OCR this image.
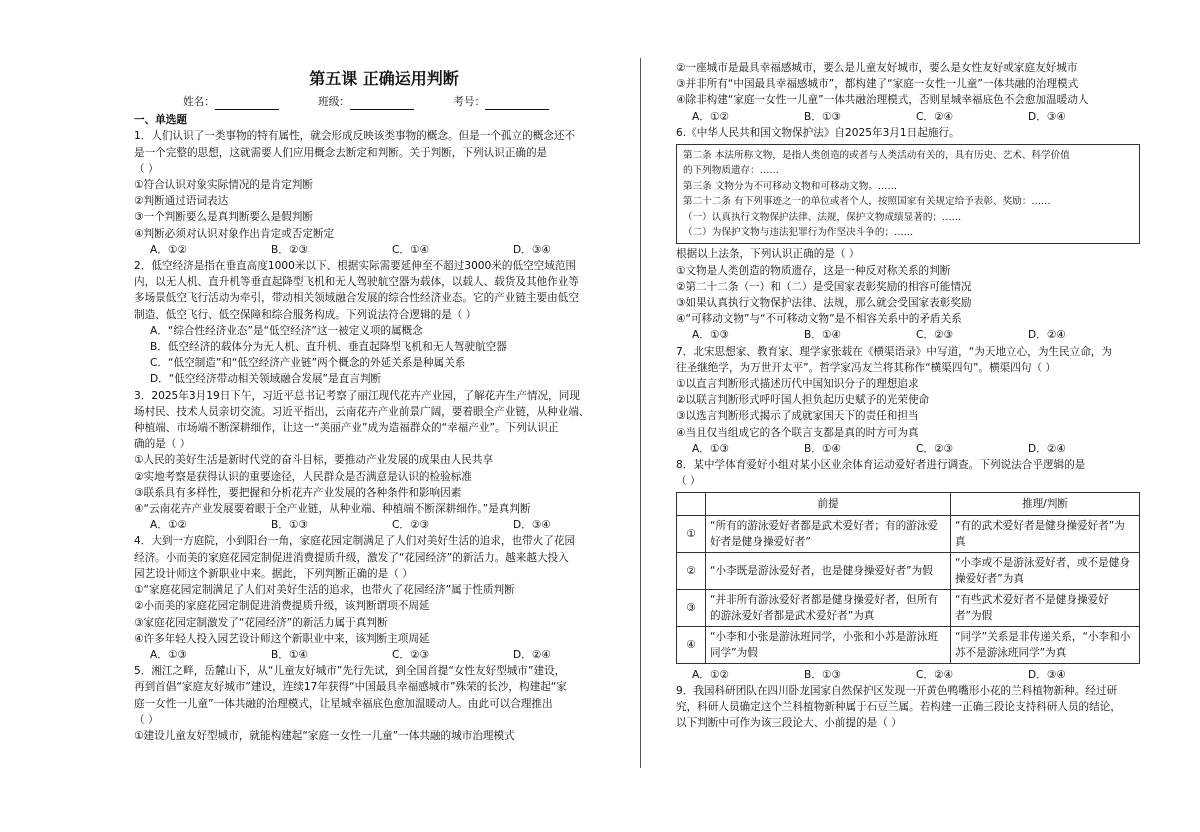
第五课 正确运用判断
姓名：	班级：	考号：
一、单选题

1．人们认识了一类事物的特有属性，就会形成反映该类事物的概念。但是一个孤立的概念还不

是一个完整的思想，这就需要人们应用概念去断定和判断。关于判断，下列认识正确的是

（ ）

①符合认识对象实际情况的是肯定判断

②判断通过语词表达

③一个判断要么是真判断要么是假判断

④判断必须对认识对象作出肯定或否定断定

A．①②	B．②③	C．①④	D．③④

2．低空经济是指在垂直高度1000米以下、根据实际需要延伸至不超过3000米的低空空域范围

内，以无人机、直升机等垂直起降型飞机和无人驾驶航空器为载体，以载人、载货及其他作业等

多场景低空飞行活动为牵引，带动相关领域融合发展的综合性经济业态。它的产业链主要由低空

制造、低空飞行、低空保障和综合服务构成。下列说法符合逻辑的是（ ）

A．“综合性经济业态”是“低空经济”这一被定义项的属概念

B．低空经济的载体分为无人机、直升机、垂直起降型飞机和无人驾驶航空器

C．“低空制造”和“低空经济产业链”两个概念的外延关系是种属关系

D．“低空经济带动相关领域融合发展”是直言判断

3．2025年3月19日下午，习近平总书记考察了丽江现代花卉产业园，了解花卉生产情况，同现

场村民、技术人员亲切交流。习近平指出，云南花卉产业前景广阔，要着眼全产业链，从种业端、

种植端、市场端不断深耕细作，让这一“美丽产业”成为造福群众的“幸福产业”。下列认识正

确的是（ ）

①人民的美好生活是新时代党的奋斗目标，要推动产业发展的成果由人民共享

②实地考察是获得认识的重要途径，人民群众是否满意是认识的检验标准

③联系具有多样性，要把握和分析花卉产业发展的各种条件和影响因素

④“云南花卉产业发展要着眼于全产业链，从种业端、种植端不断深耕细作。”是真判断

A．①②	B．①③	C．②③	D．③④

4．大到一方庭院，小到阳台一角，家庭花园定制满足了人们对美好生活的追求，也带火了花园

经济。小而美的家庭花园定制促进消费提质升级，激发了“花园经济”的新活力。越来越大投入

园艺设计师这个新职业中来。据此，下列判断正确的是（ ）

①“家庭花园定制满足了人们对美好生活的追求，也带火了花园经济”属于性质判断

②小而美的家庭花园定制促进消费提质升级，该判断谓项不周延

③家庭花园定制激发了“花园经济”的新活力属于真判断

④许多年轻人投入园艺设计师这个新职业中来，该判断主项周延

A．①③	B．①④	C．②③	D．②④

5．湘江之畔，岳麓山下，从“儿童友好城市”先行先试，到全国首提“女性友好型城市”建设，

再到首倡“家庭友好城市”建设，连续17年获得“中国最具幸福感城市”殊荣的长沙，构建起“家

庭一女性一儿童”一体共融的治理模式，让星城幸福底色愈加温暖动人。由此可以合理推出

（ ）

①建设儿童友好型城市，就能构建起“家庭一女性一儿童”一体共融的城市治理模式

②一座城市是最具幸福感城市，要么是儿童友好城市，要么是女性友好或家庭友好城市

③并非所有“中国最具幸福感城市”，都构建了“家庭一女性一儿童”一体共融的治理模式

④除非构建“家庭一女性一儿童”一体共融治理模式，否则星城幸福底色不会愈加温暖动人

A．①②	B．①③	C．②④	D．③④

6.《中华人民共和国文物保护法》自2025年3月1日起施行。

第二条 本法所称文物，是指人类创造的或者与人类活动有关的，具有历史、艺术、科学价值
的下列物质遗存：……
第三条 文物分为不可移动文物和可移动文物。……
第二十二条 有下列事迹之一的单位或者个人，按照国家有关规定给予表彰、奖励：……
（一）认真执行文物保护法律、法规，保护文物成绩显著的；……
（二）为保护文物与违法犯罪行为作坚决斗争的；……

根据以上法条，下列认识正确的是（ ）

①文物是人类创造的物质遗存，这是一种反对称关系的判断

②第二十二条（一）和（二）是受国家表彰奖励的相容可能情况

③如果认真执行文物保护法律、法规，那么就会受国家表彰奖励

④“可移动文物”与“不可移动文物”是不相容关系中的矛盾关系

A．①③	B．①④	C．②③	D．②④

7．北宋思想家、教育家、理学家张载在《横渠语录》中写道，“为天地立心，为生民立命，为

往圣继绝学，为万世开太平”。哲学家冯友兰将其称作“横渠四句”。横渠四句（ ）

①以直言判断形式描述历代中国知识分子的理想追求

②以联言判断形式呼吁国人担负起历史赋予的光荣使命

③以选言判断形式揭示了成就家国天下的责任和担当

④当且仅当组成它的各个联言支都是真的时方可为真

A．①③	B．①④	C．②③	D．②④

8．某中学体育爱好小组对某小区业余体育运动爱好者进行调查。下列说法合乎逻辑的是

（ ）

	前提	推理/判断
①	“所有的游泳爱好者都是武术爱好者；有的游泳爱好者是健身操爱好者”	“有的武术爱好者是健身操爱好者”为真
②	“小李既是游泳爱好者，也是健身操爱好者”为假	“小李或不是游泳爱好者，或不是健身操爱好者”为真
③	“并非所有游泳爱好者都是健身操爱好者，但所有的游泳爱好者都是武术爱好者”为真	“有些武术爱好者不是健身操爱好者”为假
④	“小李和小张是游泳班同学，小张和小苏是游泳班同学”为假	“同学”关系是非传递关系，“小李和小苏不是游泳班同学”为真
A．①②	B．①③	C．②④	D．③④

9．我国科研团队在四川卧龙国家自然保护区发现一开黄色鸭嘴形小花的兰科植物新种。经过研

究，科研人员确定这个兰科植物新种属于石豆兰属。若构建一正确三段论支持科研人员的结论，

以下判断中可作为该三段论大、小前提的是（ ）
